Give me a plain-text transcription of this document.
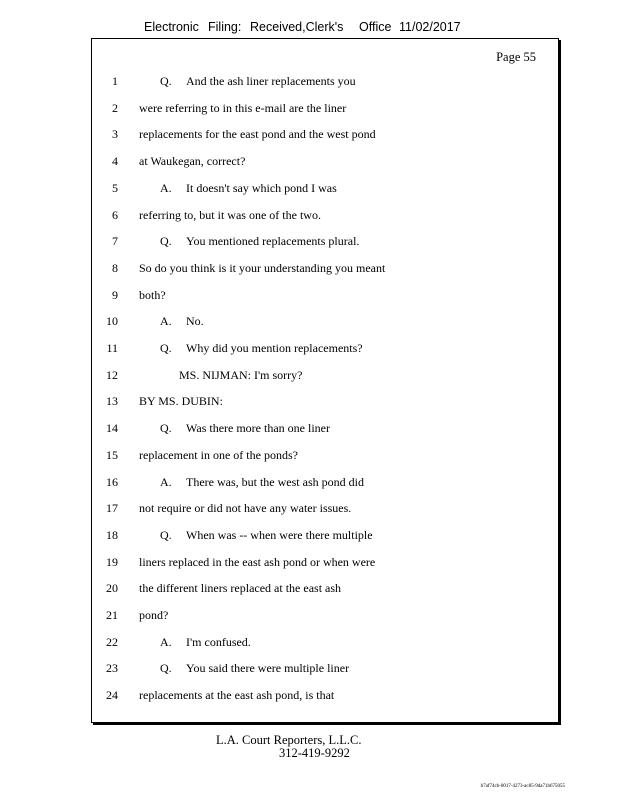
Electronic Filing: Received,Clerk's Office 11/02/2017
Page 55
1	Q. And the ash liner replacements you
2 were referring to in this e-mail are the liner
3 replacements for the east pond and the west pond
4 at Waukegan, correct?
5	A. It doesn't say which pond I was
6 referring to, but it was one of the two.
7	Q. You mentioned replacements plural.
8 So do you think is it your understanding you meant
9 both?
10	A. No.
11	Q. Why did you mention replacements?
12	MS. NIJMAN: I'm sorry?
13 BY MS. DUBIN:
14	Q. Was there more than one liner
15 replacement in one of the ponds?
16	A. There was, but the west ash pond did
17 not require or did not have any water issues.
18	Q. When was -- when were there multiple
19 liners replaced in the east ash pond or when were
20 the different liners replaced at the east ash
21 pond?
22	A. I'm confused.
23	Q. You said there were multiple liner
24 replacements at the east ash pond, is that
L.A. Court Reporters, L.L.C.
312-419-9292
b7af74cb-0017-4273-ac85-9da71b675055
